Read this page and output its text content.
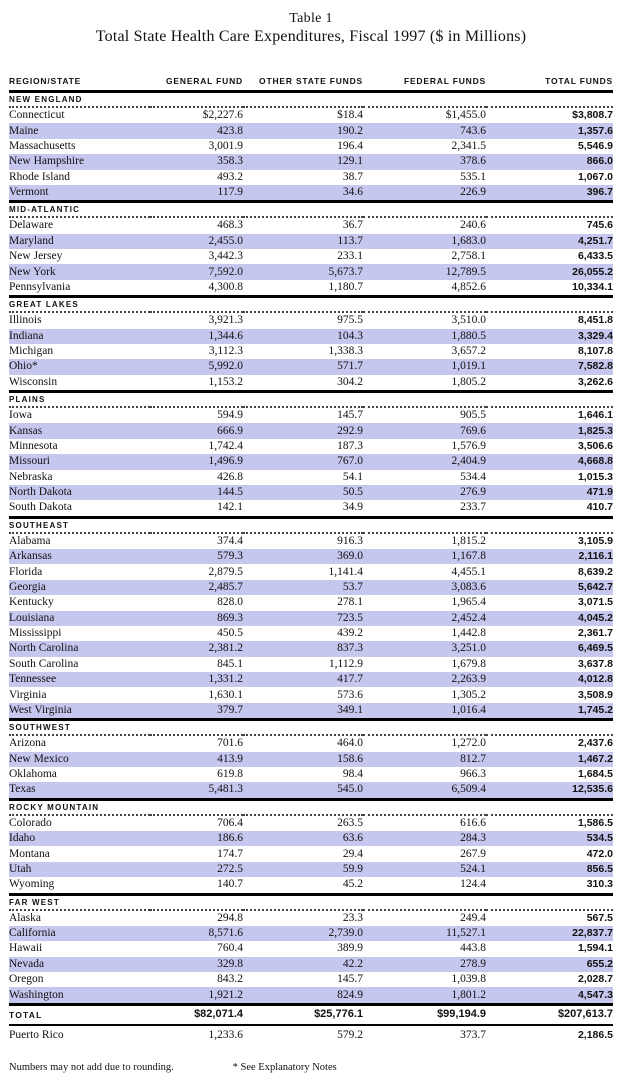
Table 1
Total State Health Care Expenditures, Fiscal 1997 ($ in Millions)
REGION/STATE	GENERAL FUND	OTHER STATE FUNDS	FEDERAL FUNDS	TOTAL FUNDS
NEW ENGLAND				
Connecticut	$2,227.6	$18.4	$1,455.0	$3,808.7
Maine	423.8	190.2	743.6	1,357.6
Massachusetts	3,001.9	196.4	2,341.5	5,546.9
New Hampshire	358.3	129.1	378.6	866.0
Rhode Island	493.2	38.7	535.1	1,067.0
Vermont	117.9	34.6	226.9	396.7
MID-ATLANTIC				
Delaware	468.3	36.7	240.6	745.6
Maryland	2,455.0	113.7	1,683.0	4,251.7
New Jersey	3,442.3	233.1	2,758.1	6,433.5
New York	7,592.0	5,673.7	12,789.5	26,055.2
Pennsylvania	4,300.8	1,180.7	4,852.6	10,334.1
GREAT LAKES				
Illinois	3,921.3	975.5	3,510.0	8,451.8
Indiana	1,344.6	104.3	1,880.5	3,329.4
Michigan	3,112.3	1,338.3	3,657.2	8,107.8
Ohio*	5,992.0	571.7	1,019.1	7,582.8
Wisconsin	1,153.2	304.2	1,805.2	3,262.6
PLAINS				
Iowa	594.9	145.7	905.5	1,646.1
Kansas	666.9	292.9	769.6	1,825.3
Minnesota	1,742.4	187.3	1,576.9	3,506.6
Missouri	1,496.9	767.0	2,404.9	4,668.8
Nebraska	426.8	54.1	534.4	1,015.3
North Dakota	144.5	50.5	276.9	471.9
South Dakota	142.1	34.9	233.7	410.7
SOUTHEAST				
Alabama	374.4	916.3	1,815.2	3,105.9
Arkansas	579.3	369.0	1,167.8	2,116.1
Florida	2,879.5	1,141.4	4,455.1	8,639.2
Georgia	2,485.7	53.7	3,083.6	5,642.7
Kentucky	828.0	278.1	1,965.4	3,071.5
Louisiana	869.3	723.5	2,452.4	4,045.2
Mississippi	450.5	439.2	1,442.8	2,361.7
North Carolina	2,381.2	837.3	3,251.0	6,469.5
South Carolina	845.1	1,112.9	1,679.8	3,637.8
Tennessee	1,331.2	417.7	2,263.9	4,012.8
Virginia	1,630.1	573.6	1,305.2	3,508.9
West Virginia	379.7	349.1	1,016.4	1,745.2
SOUTHWEST				
Arizona	701.6	464.0	1,272.0	2,437.6
New Mexico	413.9	158.6	812.7	1,467.2
Oklahoma	619.8	98.4	966.3	1,684.5
Texas	5,481.3	545.0	6,509.4	12,535.6
ROCKY MOUNTAIN				
Colorado	706.4	263.5	616.6	1,586.5
Idaho	186.6	63.6	284.3	534.5
Montana	174.7	29.4	267.9	472.0
Utah	272.5	59.9	524.1	856.5
Wyoming	140.7	45.2	124.4	310.3
FAR WEST				
Alaska	294.8	23.3	249.4	567.5
California	8,571.6	2,739.0	11,527.1	22,837.7
Hawaii	760.4	389.9	443.8	1,594.1
Nevada	329.8	42.2	278.9	655.2
Oregon	843.2	145.7	1,039.8	2,028.7
Washington	1,921.2	824.9	1,801.2	4,547.3
TOTAL	$82,071.4	$25,776.1	$99,194.9	$207,613.7
Puerto Rico	1,233.6	579.2	373.7	2,186.5
Numbers may not add due to rounding.	* See Explanatory Notes
